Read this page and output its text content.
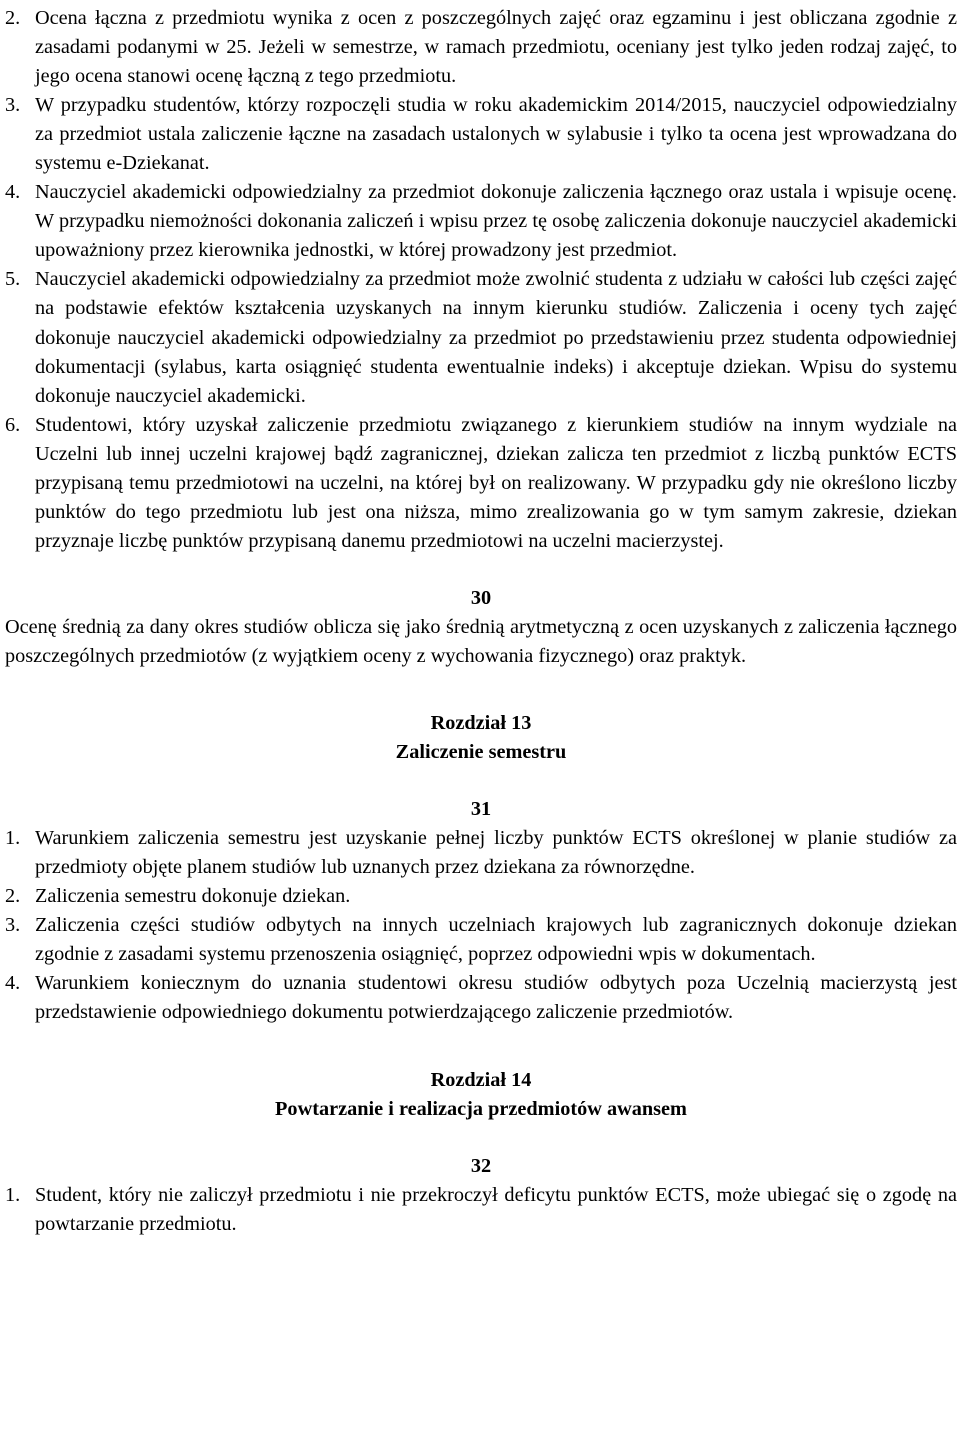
2. Ocena łączna z przedmiotu wynika z ocen z poszczególnych zajęć oraz egzaminu i jest obliczana zgodnie z zasadami podanymi w 25. Jeżeli w semestrze, w ramach przedmiotu, oceniany jest tylko jeden rodzaj zajęć, to jego ocena stanowi ocenę łączną z tego przedmiotu.
3. W przypadku studentów, którzy rozpoczęli studia w roku akademickim 2014/2015, nauczyciel odpowiedzialny za przedmiot ustala zaliczenie łączne na zasadach ustalonych w sylabusie i tylko ta ocena jest wprowadzana do systemu e-Dziekanat.
4. Nauczyciel akademicki odpowiedzialny za przedmiot dokonuje zaliczenia łącznego oraz ustala i wpisuje ocenę. W przypadku niemożności dokonania zaliczeń i wpisu przez tę osobę zaliczenia dokonuje nauczyciel akademicki upoważniony przez kierownika jednostki, w której prowadzony jest przedmiot.
5. Nauczyciel akademicki odpowiedzialny za przedmiot może zwolnić studenta z udziału w całości lub części zajęć na podstawie efektów kształcenia uzyskanych na innym kierunku studiów. Zaliczenia i oceny tych zajęć dokonuje nauczyciel akademicki odpowiedzialny za przedmiot po przedstawieniu przez studenta odpowiedniej dokumentacji (sylabus, karta osiągnięć studenta ewentualnie indeks) i akceptuje dziekan. Wpisu do systemu dokonuje nauczyciel akademicki.
6. Studentowi, który uzyskał zaliczenie przedmiotu związanego z kierunkiem studiów na innym wydziale na Uczelni lub innej uczelni krajowej bądź zagranicznej, dziekan zalicza ten przedmiot z liczbą punktów ECTS przypisaną temu przedmiotowi na uczelni, na której był on realizowany. W przypadku gdy nie określono liczby punktów do tego przedmiotu lub jest ona niższa, mimo zrealizowania go w tym samym zakresie, dziekan przyznaje liczbę punktów przypisaną danemu przedmiotowi na uczelni macierzystej.
30
Ocenę średnią za dany okres studiów oblicza się jako średnią arytmetyczną z ocen uzyskanych z zaliczenia łącznego poszczególnych przedmiotów (z wyjątkiem oceny z wychowania fizycznego) oraz praktyk.
Rozdział 13
Zaliczenie semestru
31
1. Warunkiem zaliczenia semestru jest uzyskanie pełnej liczby punktów ECTS określonej w planie studiów za przedmioty objęte planem studiów lub uznanych przez dziekana za równorzędne.
2. Zaliczenia semestru dokonuje dziekan.
3. Zaliczenia części studiów odbytych na innych uczelniach krajowych lub zagranicznych dokonuje dziekan zgodnie z zasadami systemu przenoszenia osiągnięć, poprzez odpowiedni wpis w dokumentach.
4. Warunkiem koniecznym do uznania studentowi okresu studiów odbytych poza Uczelnią macierzystą jest przedstawienie odpowiedniego dokumentu potwierdzającego zaliczenie przedmiotów.
Rozdział 14
Powtarzanie i realizacja przedmiotów awansem
32
1. Student, który nie zaliczył przedmiotu i nie przekroczył deficytu punktów ECTS, może ubiegać się o zgodę na powtarzanie przedmiotu.
